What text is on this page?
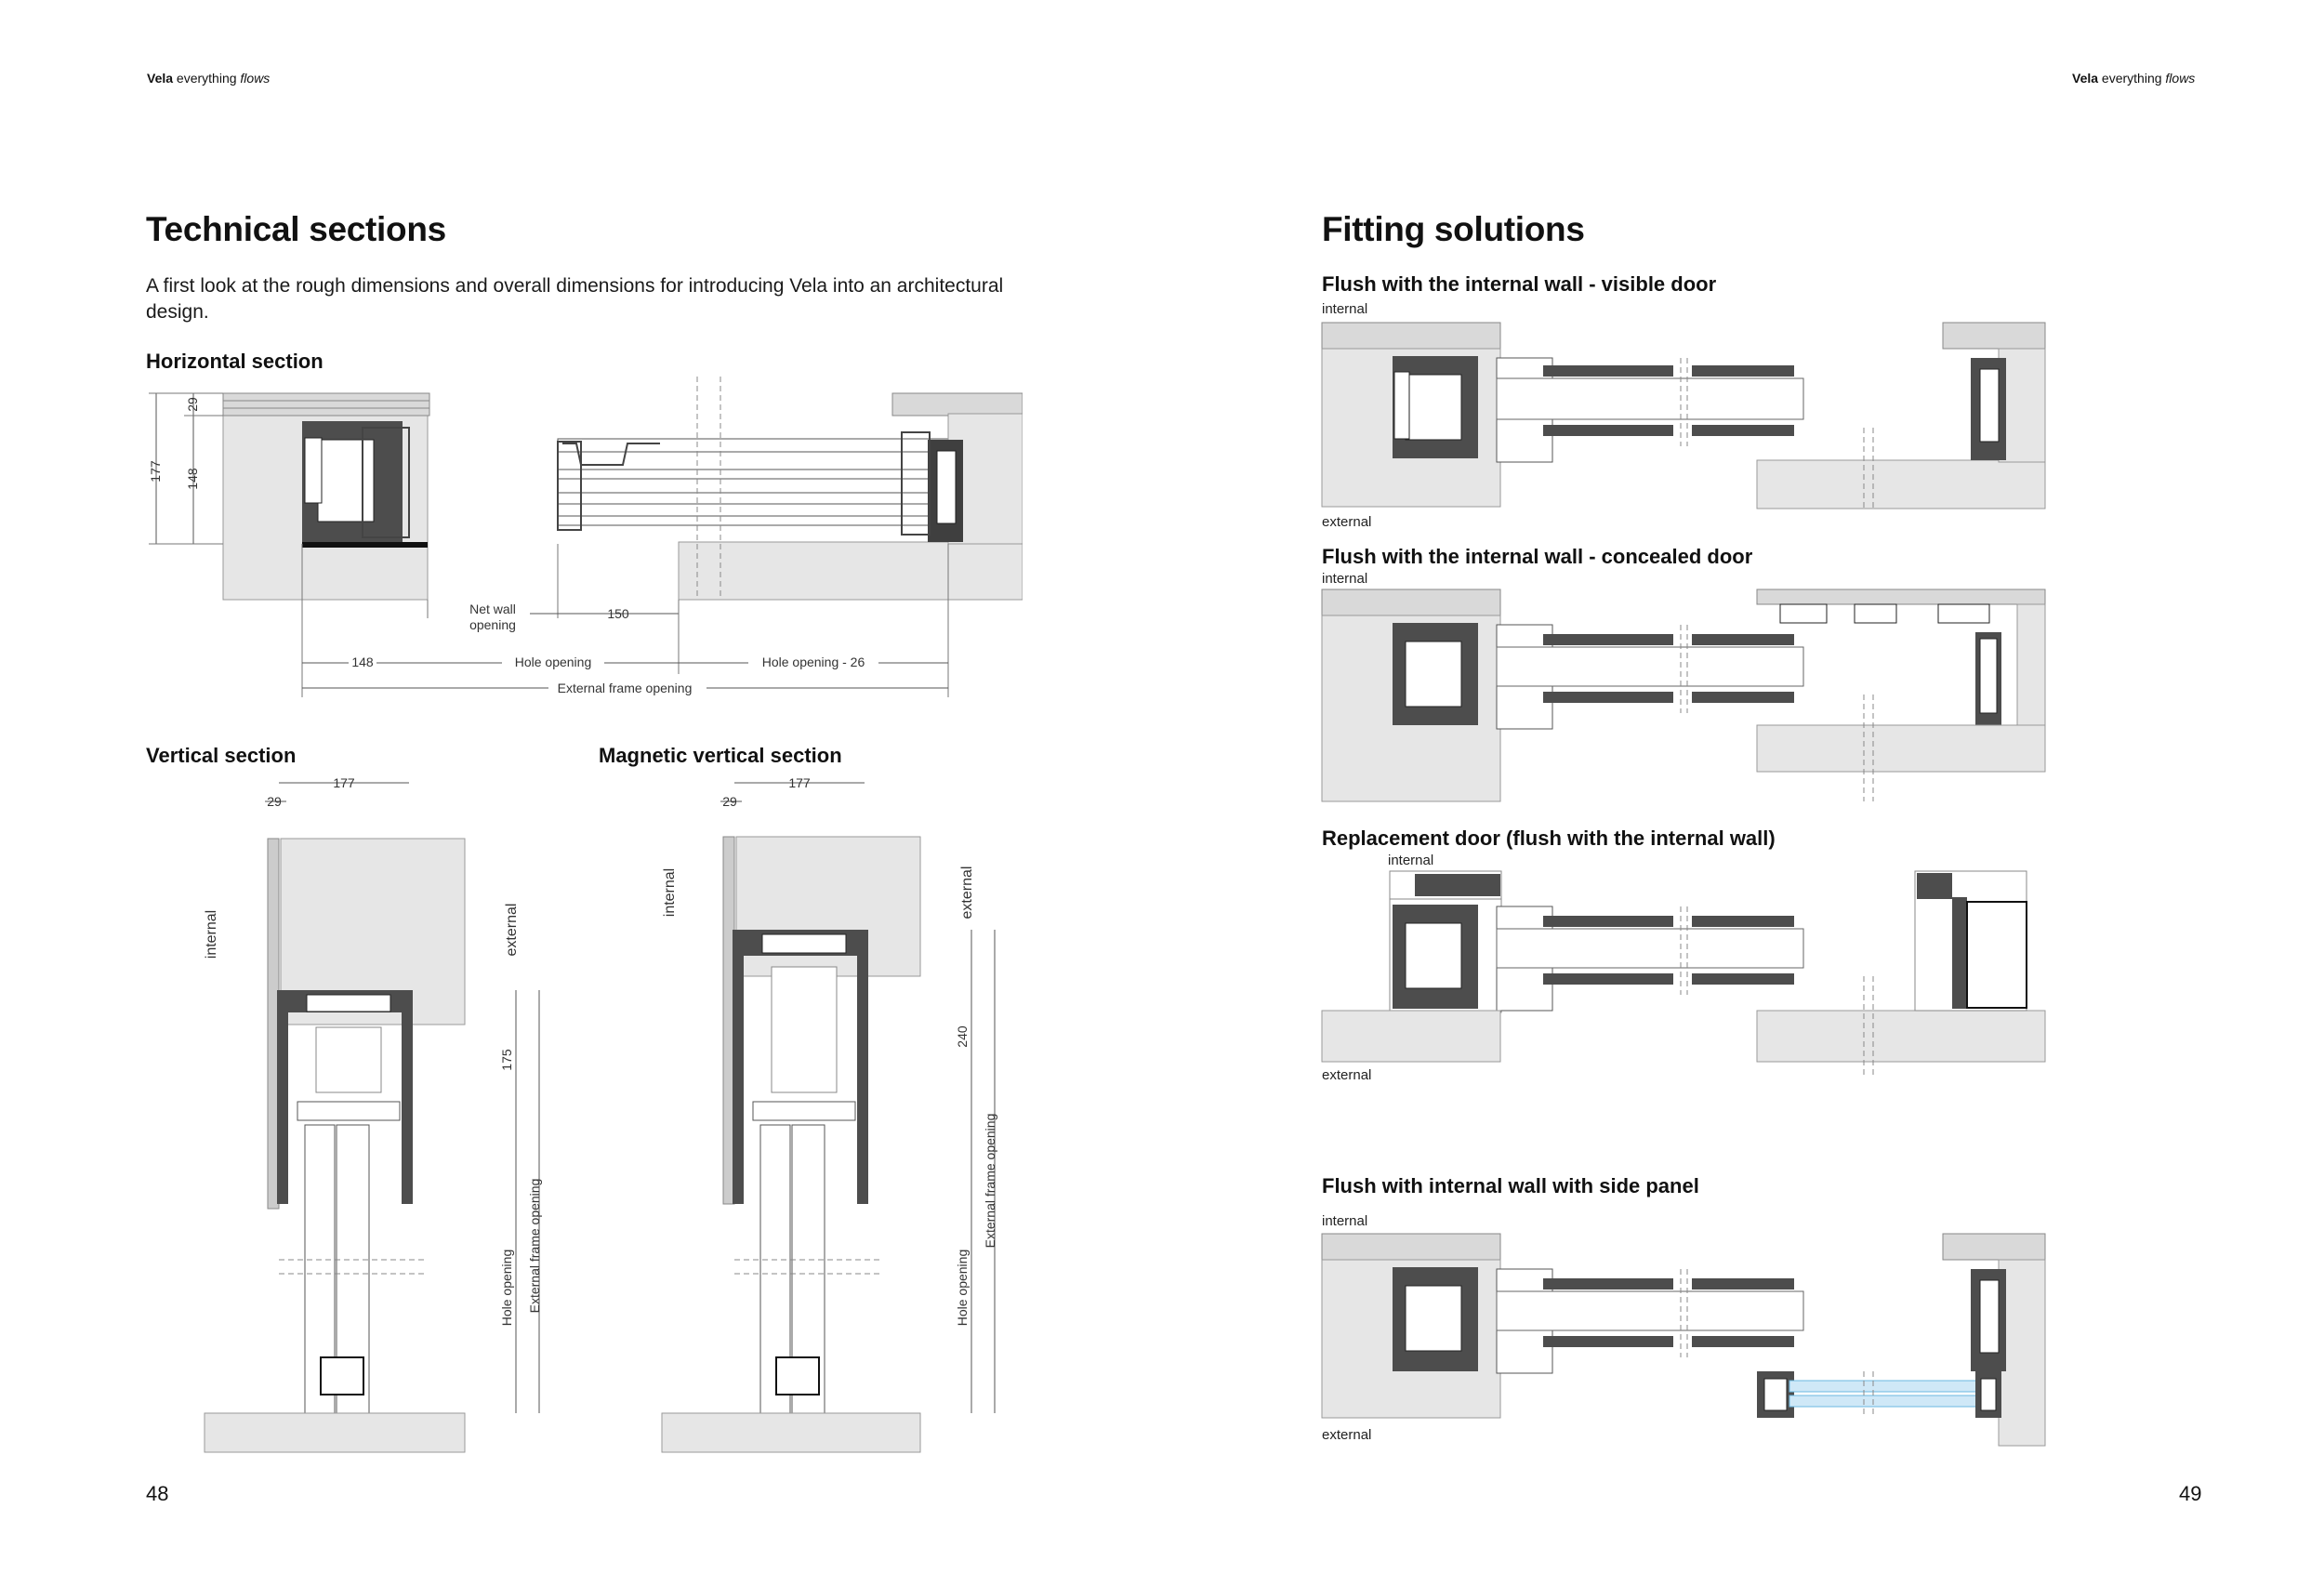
Vela everything flows
Technical sections
A first look at the rough dimensions and overall dimensions for introducing Vela into an architectural design.
Horizontal section
177
29
148
Net wall
opening
150
148	Hole opening	Hole opening - 26
External frame opening
Vertical section	Magnetic vertical section
177
29
internal	external
175
External frame opening
Hole opening
177
29
internal	external
240
External frame opening
Hole opening
48
Vela everything flows
Fitting solutions
Flush with the internal wall - visible door
internal
external
Flush with the internal wall - concealed door
internal
Replacement door (flush with the internal wall)
internal
external
Flush with internal wall with side panel
internal
external
49
